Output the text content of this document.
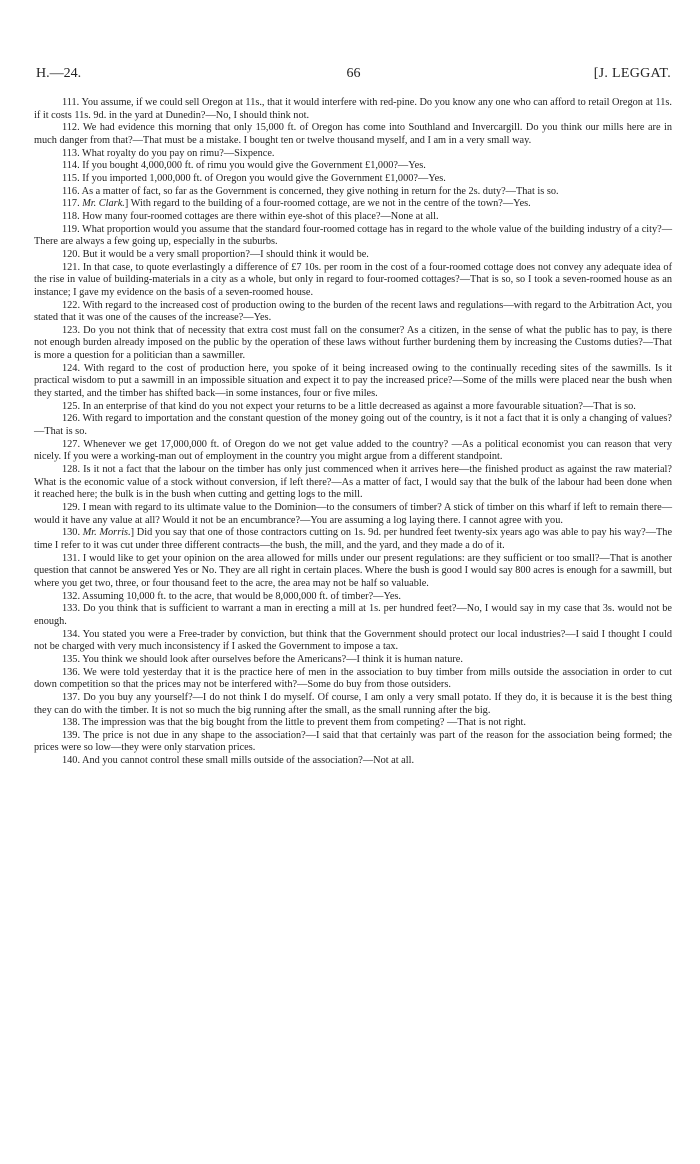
H.—24.	66	[J. LEGGAT.

111. You assume, if we could sell Oregon at 11s., that it would interfere with red-pine. Do you know any one who can afford to retail Oregon at 11s. if it costs 11s. 9d. in the yard at Dunedin?—No, I should think not.

112. We had evidence this morning that only 15,000 ft. of Oregon has come into Southland and Invercargill. Do you think our mills here are in much danger from that?—That must be a mistake. I bought ten or twelve thousand myself, and I am in a very small way.

113. What royalty do you pay on rimu?—Sixpence.

114. If you bought 4,000,000 ft. of rimu you would give the Government £1,000?—Yes.

115. If you imported 1,000,000 ft. of Oregon you would give the Government £1,000?—Yes.

116. As a matter of fact, so far as the Government is concerned, they give nothing in return for the 2s. duty?—That is so.

117. Mr. Clark.] With regard to the building of a four-roomed cottage, are we not in the centre of the town?—Yes.

118. How many four-roomed cottages are there within eye-shot of this place?—None at all.

119. What proportion would you assume that the standard four-roomed cottage has in regard to the whole value of the building industry of a city?—There are always a few going up, especially in the suburbs.

120. But it would be a very small proportion?—I should think it would be.

121. In that case, to quote everlastingly a difference of £7 10s. per room in the cost of a four-roomed cottage does not convey any adequate idea of the rise in value of building-materials in a city as a whole, but only in regard to four-roomed cottages?—That is so, so I took a seven-roomed house as an instance; I gave my evidence on the basis of a seven-roomed house.

122. With regard to the increased cost of production owing to the burden of the recent laws and regulations—with regard to the Arbitration Act, you stated that it was one of the causes of the increase?—Yes.

123. Do you not think that of necessity that extra cost must fall on the consumer? As a citizen, in the sense of what the public has to pay, is there not enough burden already imposed on the public by the operation of these laws without further burdening them by increasing the Customs duties?—That is more a question for a politician than a sawmiller.

124. With regard to the cost of production here, you spoke of it being increased owing to the continually receding sites of the sawmills. Is it practical wisdom to put a sawmill in an impossible situation and expect it to pay the increased price?—Some of the mills were placed near the bush when they started, and the timber has shifted back—in some instances, four or five miles.

125. In an enterprise of that kind do you not expect your returns to be a little decreased as against a more favourable situation?—That is so.

126. With regard to importation and the constant question of the money going out of the country, is it not a fact that it is only a changing of values?—That is so.

127. Whenever we get 17,000,000 ft. of Oregon do we not get value added to the country? —As a political economist you can reason that very nicely. If you were a working-man out of employment in the country you might argue from a different standpoint.

128. Is it not a fact that the labour on the timber has only just commenced when it arrives here—the finished product as against the raw material? What is the economic value of a stock without conversion, if left there?—As a matter of fact, I would say that the bulk of the labour had been done when it reached here; the bulk is in the bush when cutting and getting logs to the mill.

129. I mean with regard to its ultimate value to the Dominion—to the consumers of timber? A stick of timber on this wharf if left to remain there—would it have any value at all? Would it not be an encumbrance?—You are assuming a log laying there. I cannot agree with you.

130. Mr. Morris.] Did you say that one of those contractors cutting on 1s. 9d. per hundred feet twenty-six years ago was able to pay his way?—The time I refer to it was cut under three different contracts—the bush, the mill, and the yard, and they made a do of it.

131. I would like to get your opinion on the area allowed for mills under our present regulations: are they sufficient or too small?—That is another question that cannot be answered Yes or No. They are all right in certain places. Where the bush is good I would say 800 acres is enough for a sawmill, but where you get two, three, or four thousand feet to the acre, the area may not be half so valuable.

132. Assuming 10,000 ft. to the acre, that would be 8,000,000 ft. of timber?—Yes.

133. Do you think that is sufficient to warrant a man in erecting a mill at 1s. per hundred feet?—No, I would say in my case that 3s. would not be enough.

134. You stated you were a Free-trader by conviction, but think that the Government should protect our local industries?—I said I thought I could not be charged with very much inconsistency if I asked the Government to impose a tax.

135. You think we should look after ourselves before the Americans?—I think it is human nature.

136. We were told yesterday that it is the practice here of men in the association to buy timber from mills outside the association in order to cut down competition so that the prices may not be interfered with?—Some do buy from those outsiders.

137. Do you buy any yourself?—I do not think I do myself. Of course, I am only a very small potato. If they do, it is because it is the best thing they can do with the timber. It is not so much the big running after the small, as the small running after the big.

138. The impression was that the big bought from the little to prevent them from competing? —That is not right.

139. The price is not due in any shape to the association?—I said that that certainly was part of the reason for the association being formed; the prices were so low—they were only starvation prices.

140. And you cannot control these small mills outside of the association?—Not at all.
